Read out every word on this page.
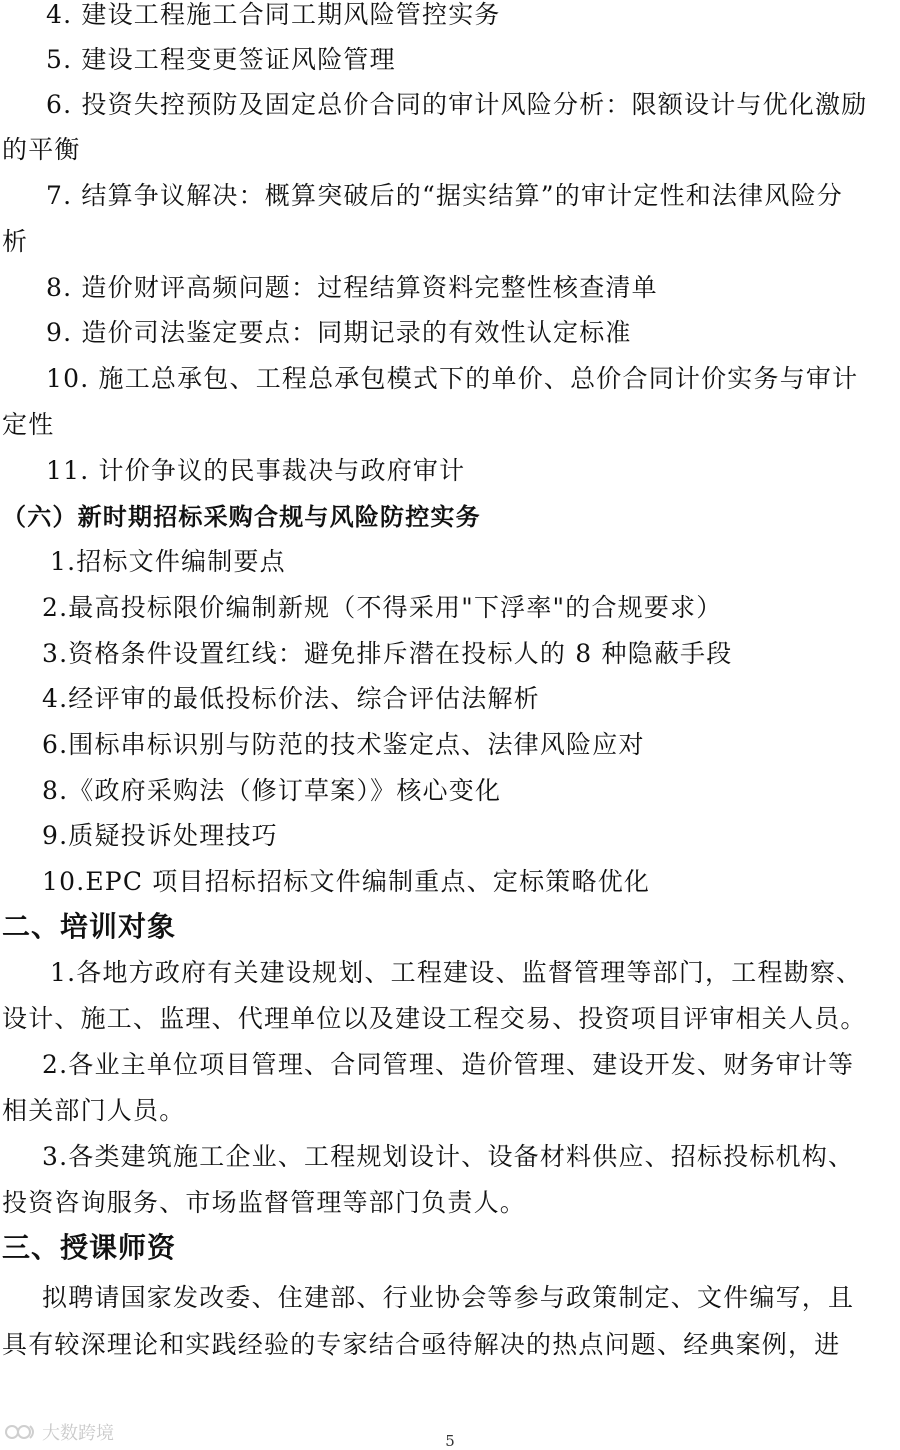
4. 建设工程施工合同工期风险管控实务
5. 建设工程变更签证风险管理
6. 投资失控预防及固定总价合同的审计风险分析：限额设计与优化激励
的平衡
7. 结算争议解决：概算突破后的“据实结算”的审计定性和法律风险分
析
8. 造价财评高频问题：过程结算资料完整性核查清单
9. 造价司法鉴定要点：同期记录的有效性认定标准
10. 施工总承包、工程总承包模式下的单价、总价合同计价实务与审计
定性
11. 计价争议的民事裁决与政府审计
（六）新时期招标采购合规与风险防控实务
1.招标文件编制要点
2.最高投标限价编制新规（不得采用"下浮率"的合规要求）
3.资格条件设置红线：避免排斥潜在投标人的 8 种隐蔽手段
4.经评审的最低投标价法、综合评估法解析
6.围标串标识别与防范的技术鉴定点、法律风险应对
8.《政府采购法（修订草案）》核心变化
9.质疑投诉处理技巧
10.EPC 项目招标招标文件编制重点、定标策略优化
二、培训对象
1.各地方政府有关建设规划、工程建设、监督管理等部门，工程勘察、
设计、施工、监理、代理单位以及建设工程交易、投资项目评审相关人员。
2.各业主单位项目管理、合同管理、造价管理、建设开发、财务审计等
相关部门人员。
3.各类建筑施工企业、工程规划设计、设备材料供应、招标投标机构、
投资咨询服务、市场监督管理等部门负责人。
三、授课师资
拟聘请国家发改委、住建部、行业协会等参与政策制定、文件编写，且
具有较深理论和实践经验的专家结合亟待解决的热点问题、经典案例，进
大数跨境	5
